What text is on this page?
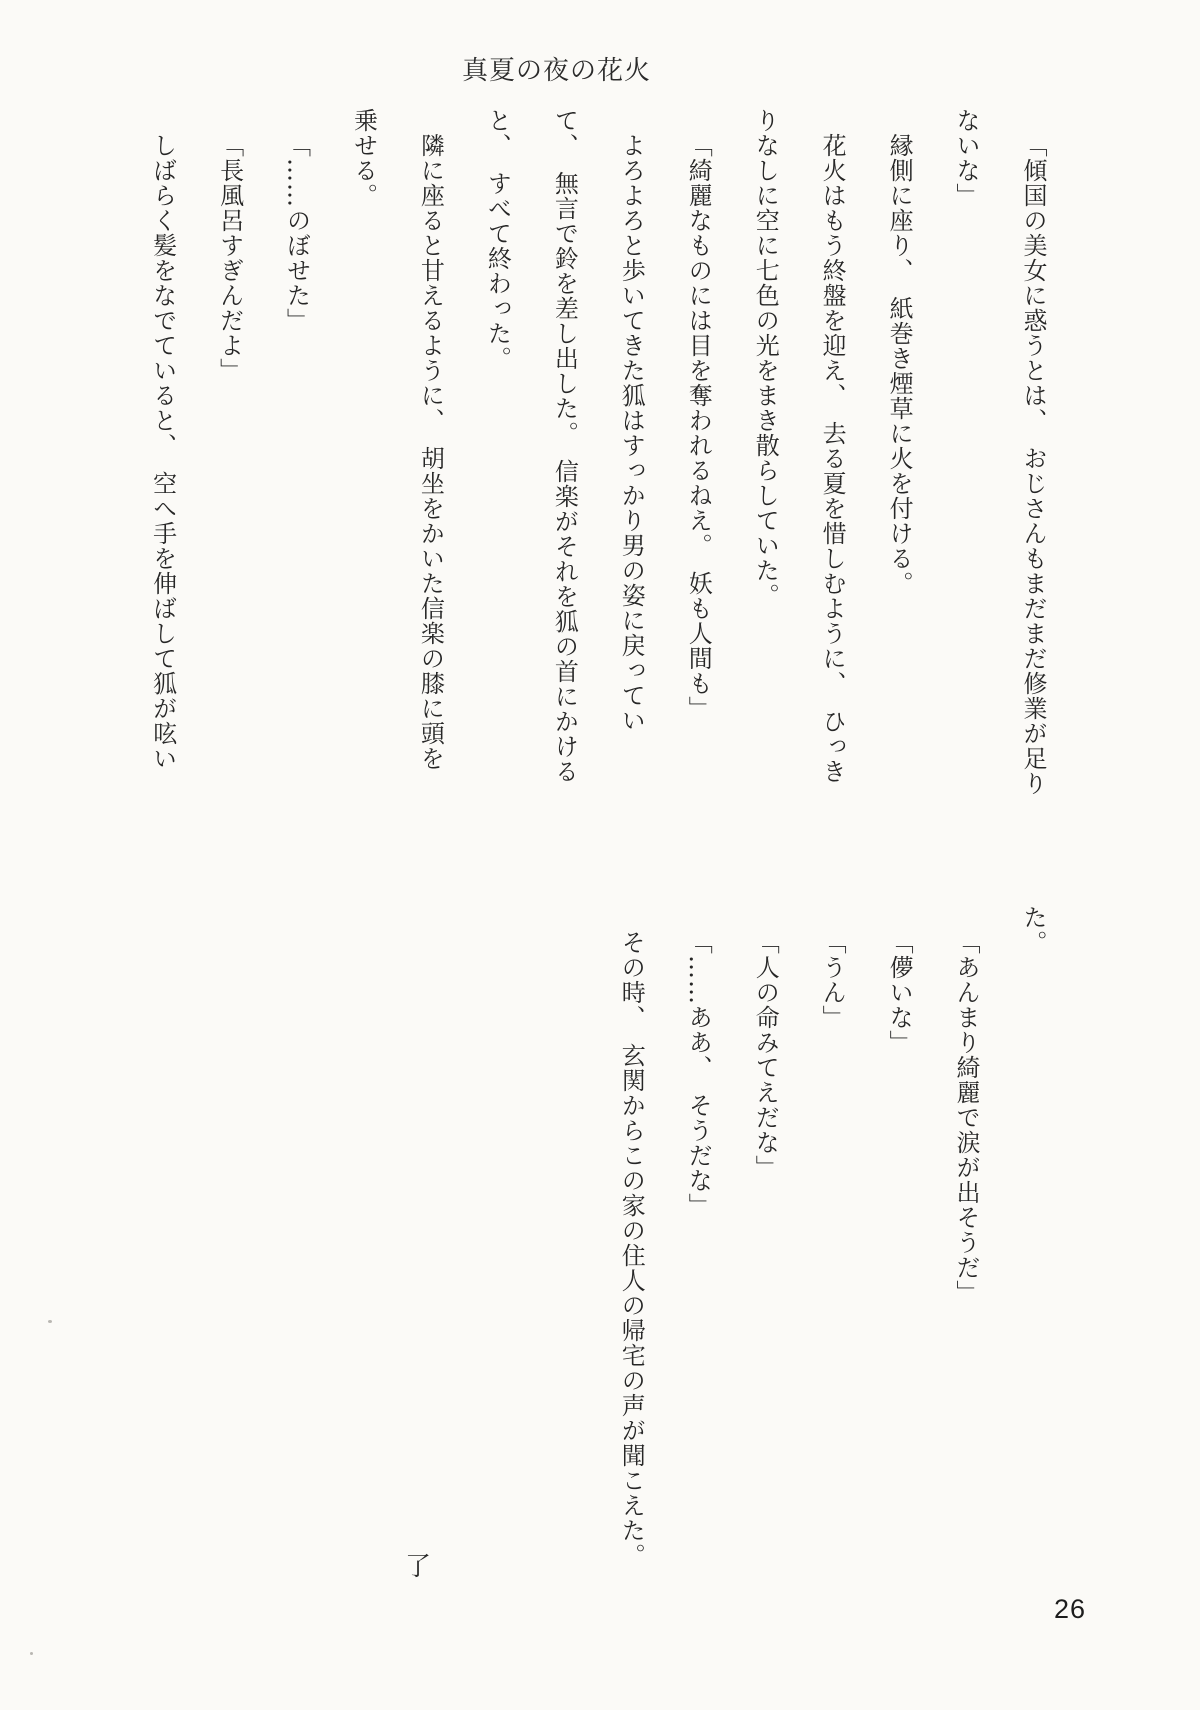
真夏の夜の花火

「傾国の美女に惑うとは、　おじさんもまだまだ修業が足り

ないな」

縁側に座り、　紙巻き煙草に火を付ける。

花火はもう終盤を迎え、　去る夏を惜しむように、　ひっき

りなしに空に七色の光をまき散らしていた。

「綺麗なものには目を奪われるねえ。　妖も人間も」

よろよろと歩いてきた狐はすっかり男の姿に戻ってい

て、　無言で鈴を差し出した。　信楽がそれを狐の首にかける

と、　すべて終わった。

隣に座ると甘えるように、　胡坐をかいた信楽の膝に頭を

乗せる。

「……のぼせた」

「長風呂すぎんだよ」

しばらく髪をなでていると、　空へ手を伸ばして狐が呟い

た。

「あんまり綺麗で涙が出そうだ」

「儚いな」

「うん」

「人の命みてえだな」

「……ああ、　そうだな」

その時、　玄関からこの家の住人の帰宅の声が聞こえた。

了
26
